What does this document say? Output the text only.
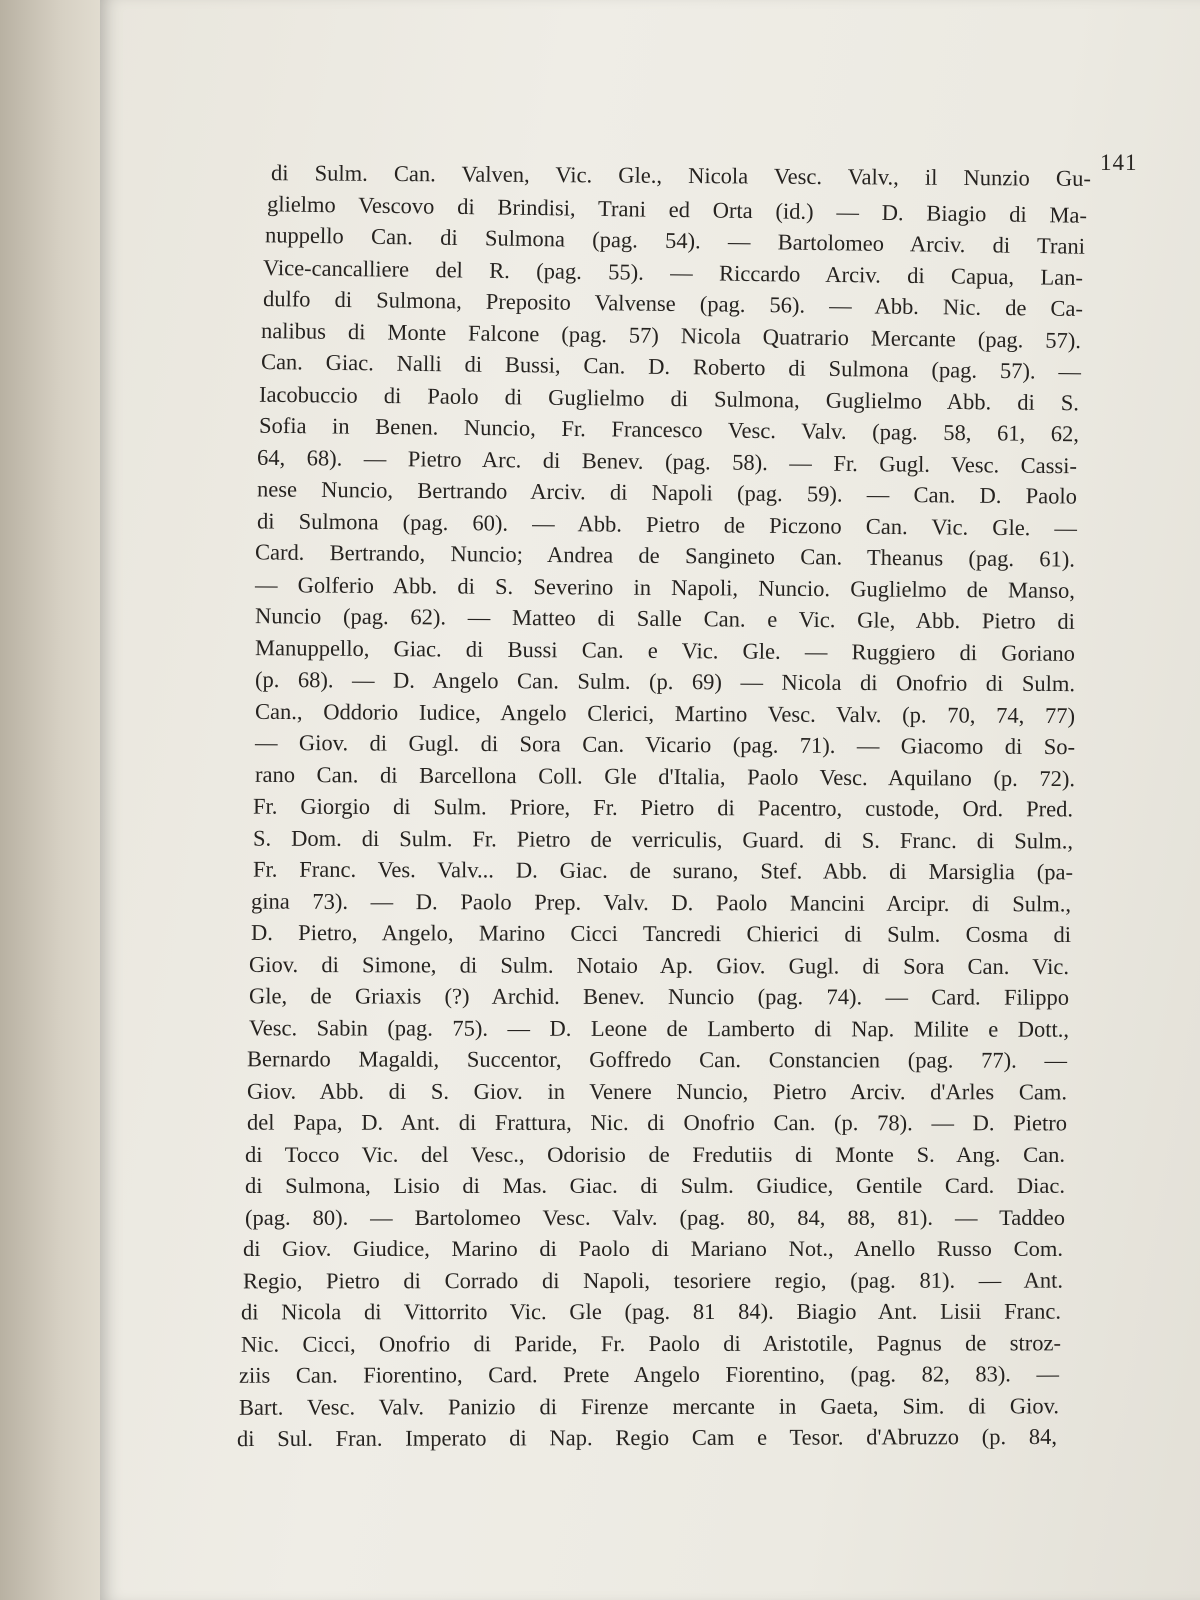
141
di Sulm. Can. Valven, Vic. Gle., Nicola Vesc. Valv., il Nunzio Gu-
glielmo Vescovo di Brindisi, Trani ed Orta (id.) — D. Biagio di Ma-
nuppello Can. di Sulmona (pag. 54). — Bartolomeo Arciv. di Trani
Vice-cancalliere del R. (pag. 55). — Riccardo Arciv. di Capua, Lan-
dulfo di Sulmona, Preposito Valvense (pag. 56). — Abb. Nic. de Ca-
nalibus di Monte Falcone (pag. 57) Nicola Quatrario Mercante (pag. 57).
Can. Giac. Nalli di Bussi, Can. D. Roberto di Sulmona (pag. 57). —
Iacobuccio di Paolo di Guglielmo di Sulmona, Guglielmo Abb. di S.
Sofia in Benen. Nuncio, Fr. Francesco Vesc. Valv. (pag. 58, 61, 62,
64, 68). — Pietro Arc. di Benev. (pag. 58). — Fr. Gugl. Vesc. Cassi-
nese Nuncio, Bertrando Arciv. di Napoli (pag. 59). — Can. D. Paolo
di Sulmona (pag. 60). — Abb. Pietro de Piczono Can. Vic. Gle. —
Card. Bertrando, Nuncio; Andrea de Sangineto Can. Theanus (pag. 61).
— Golferio Abb. di S. Severino in Napoli, Nuncio. Guglielmo de Manso,
Nuncio (pag. 62). — Matteo di Salle Can. e Vic. Gle, Abb. Pietro di
Manuppello, Giac. di Bussi Can. e Vic. Gle. — Ruggiero di Goriano
(p. 68). — D. Angelo Can. Sulm. (p. 69) — Nicola di Onofrio di Sulm.
Can., Oddorio Iudice, Angelo Clerici, Martino Vesc. Valv. (p. 70, 74, 77)
— Giov. di Gugl. di Sora Can. Vicario (pag. 71). — Giacomo di So-
rano Can. di Barcellona Coll. Gle d'Italia, Paolo Vesc. Aquilano (p. 72).
Fr. Giorgio di Sulm. Priore, Fr. Pietro di Pacentro, custode, Ord. Pred.
S. Dom. di Sulm. Fr. Pietro de verriculis, Guard. di S. Franc. di Sulm.,
Fr. Franc. Ves. Valv... D. Giac. de surano, Stef. Abb. di Marsiglia (pa-
gina 73). — D. Paolo Prep. Valv. D. Paolo Mancini Arcipr. di Sulm.,
D. Pietro, Angelo, Marino Cicci Tancredi Chierici di Sulm. Cosma di
Giov. di Simone, di Sulm. Notaio Ap. Giov. Gugl. di Sora Can. Vic.
Gle, de Griaxis (?) Archid. Benev. Nuncio (pag. 74). — Card. Filippo
Vesc. Sabin (pag. 75). — D. Leone de Lamberto di Nap. Milite e Dott.,
Bernardo Magaldi, Succentor, Goffredo Can. Constancien (pag. 77). —
Giov. Abb. di S. Giov. in Venere Nuncio, Pietro Arciv. d'Arles Cam.
del Papa, D. Ant. di Frattura, Nic. di Onofrio Can. (p. 78). — D. Pietro
di Tocco Vic. del Vesc., Odorisio de Fredutiis di Monte S. Ang. Can.
di Sulmona, Lisio di Mas. Giac. di Sulm. Giudice, Gentile Card. Diac.
(pag. 80). — Bartolomeo Vesc. Valv. (pag. 80, 84, 88, 81). — Taddeo
di Giov. Giudice, Marino di Paolo di Mariano Not., Anello Russo Com.
Regio, Pietro di Corrado di Napoli, tesoriere regio, (pag. 81). — Ant.
di Nicola di Vittorrito Vic. Gle (pag. 81 84). Biagio Ant. Lisii Franc.
Nic. Cicci, Onofrio di Paride, Fr. Paolo di Aristotile, Pagnus de stroz-
ziis Can. Fiorentino, Card. Prete Angelo Fiorentino, (pag. 82, 83). —
Bart. Vesc. Valv. Panizio di Firenze mercante in Gaeta, Sim. di Giov.
di Sul. Fran. Imperato di Nap. Regio Cam e Tesor. d'Abruzzo (p. 84,
